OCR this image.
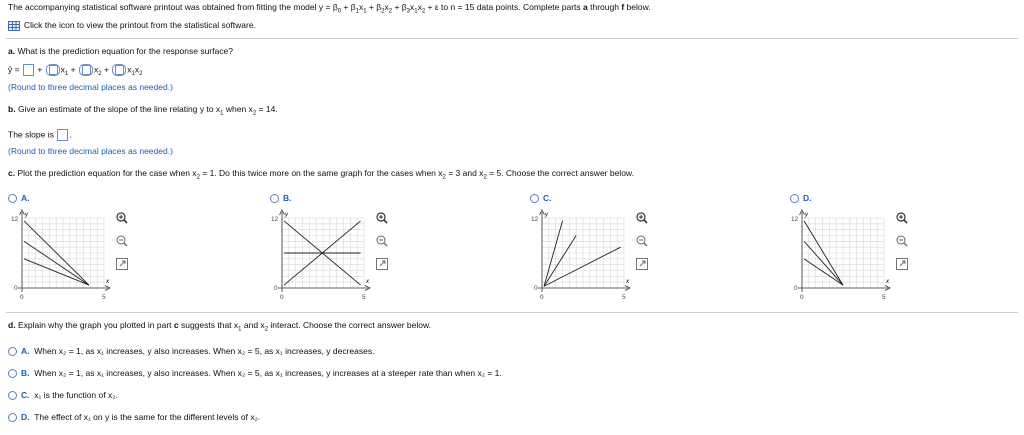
The accompanying statistical software printout was obtained from fitting the model $y = \beta_0 + \beta_1x_1 + \beta_2x_2 + \beta_3x_1x_2 + \varepsilon$ to n = 15 data points. Complete parts a through f below.
Click the icon to view the printout from the statistical software.
a. What is the prediction equation for the response surface?
ŷ = + $x_1 + x_2 + x_1x_2$
(Round to three decimal places as needed.)
b. Give an estimate of the slope of the line relating y to $x_1$ when $x_2 = 14$.
The slope is .
(Round to three decimal places as needed.)
c. Plot the prediction equation for the case when $x_2 = 1$. Do this twice more on the same graph for the cases when $x_2 = 3$ and $x_2 = 5$. Choose the correct answer below.
A.	B.	C.	D.
y
x
12
0
0	5
y
x
12
0
0	5
y
x
12
0
0	5
y
x
12
0
0	5
d. Explain why the graph you plotted in part c suggests that $x_1$ and $x_2$ interact. Choose the correct answer below.
A. When x₂ = 1, as x₁ increases, y also increases. When x₂ = 5, as x₁ increases, y decreases.
B. When x₂ = 1, as x₁ increases, y also increases. When x₂ = 5, as x₁ increases, y increases at a steeper rate than when x₂ = 1.
C. x₁ is the function of x₂.
D. The effect of x₁ on y is the same for the different levels of x₂.
